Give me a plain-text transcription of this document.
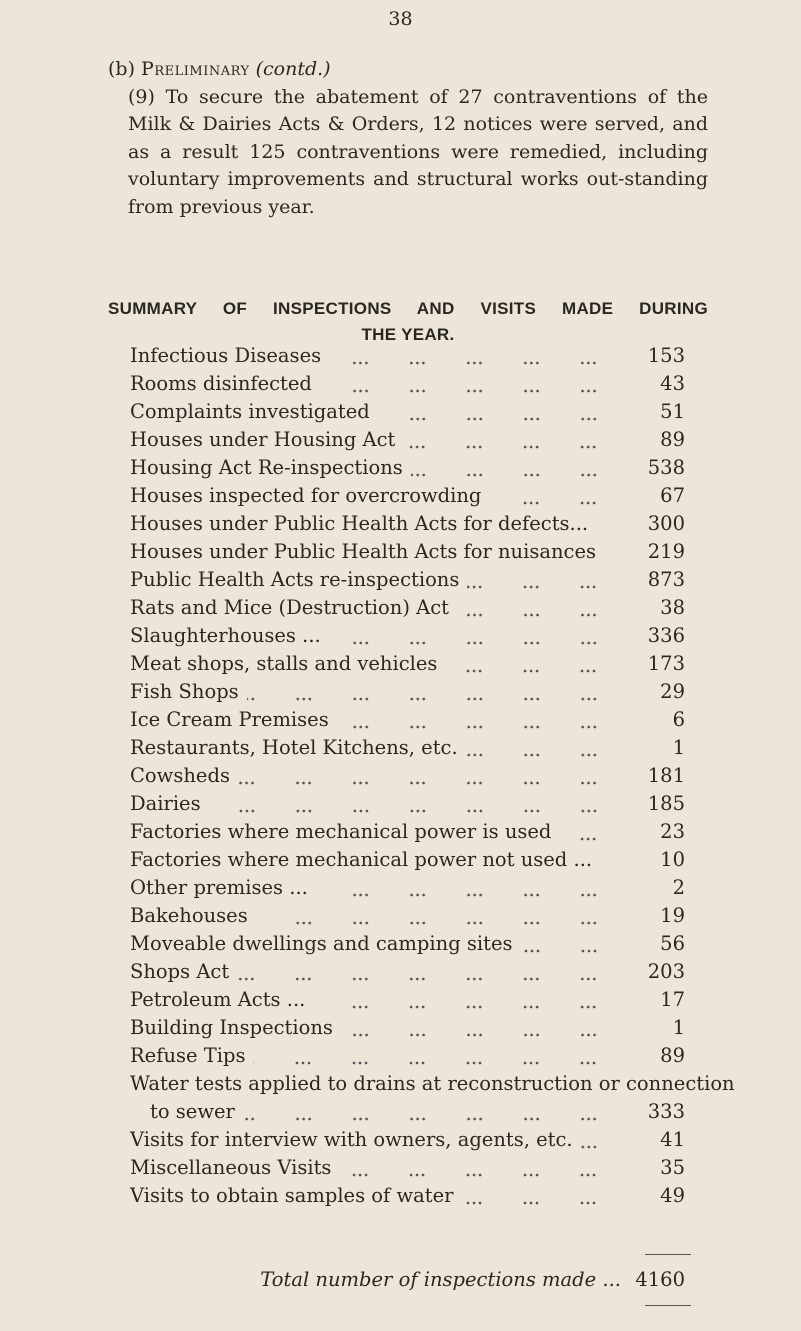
38
(b) Preliminary (contd.)
(9) To secure the abatement of 27 contraventions of the Milk & Dairies Acts & Orders, 12 notices were served, and as a result 125 contraventions were remedied, including voluntary improvements and structural works out-standing from previous year.
SUMMARY OF INSPECTIONS AND VISITS MADE DURING
THE YEAR.
Infectious Diseases	153
Rooms disinfected	43
Complaints investigated	51
Houses under Housing Act	89
Housing Act Re-inspections	538
Houses inspected for overcrowding	67
Houses under Public Health Acts for defects...	300
Houses under Public Health Acts for nuisances	219
Public Health Acts re-inspections	873
Rats and Mice (Destruction) Act	38
Slaughterhouses ...	336
Meat shops, stalls and vehicles	173
Fish Shops	29
Ice Cream Premises	6
Restaurants, Hotel Kitchens, etc.	1
Cowsheds	181
Dairies	185
Factories where mechanical power is used	23
Factories where mechanical power not used ...	10
Other premises ...	2
Bakehouses	19
Moveable dwellings and camping sites	56
Shops Act	203
Petroleum Acts ...	17
Building Inspections	1
Refuse Tips	89
Water tests applied to drains at reconstruction or connection
to sewer	333
Visits for interview with owners, agents, etc.	41
Miscellaneous Visits	35
Visits to obtain samples of water	49
Total number of inspections made ... 4160
